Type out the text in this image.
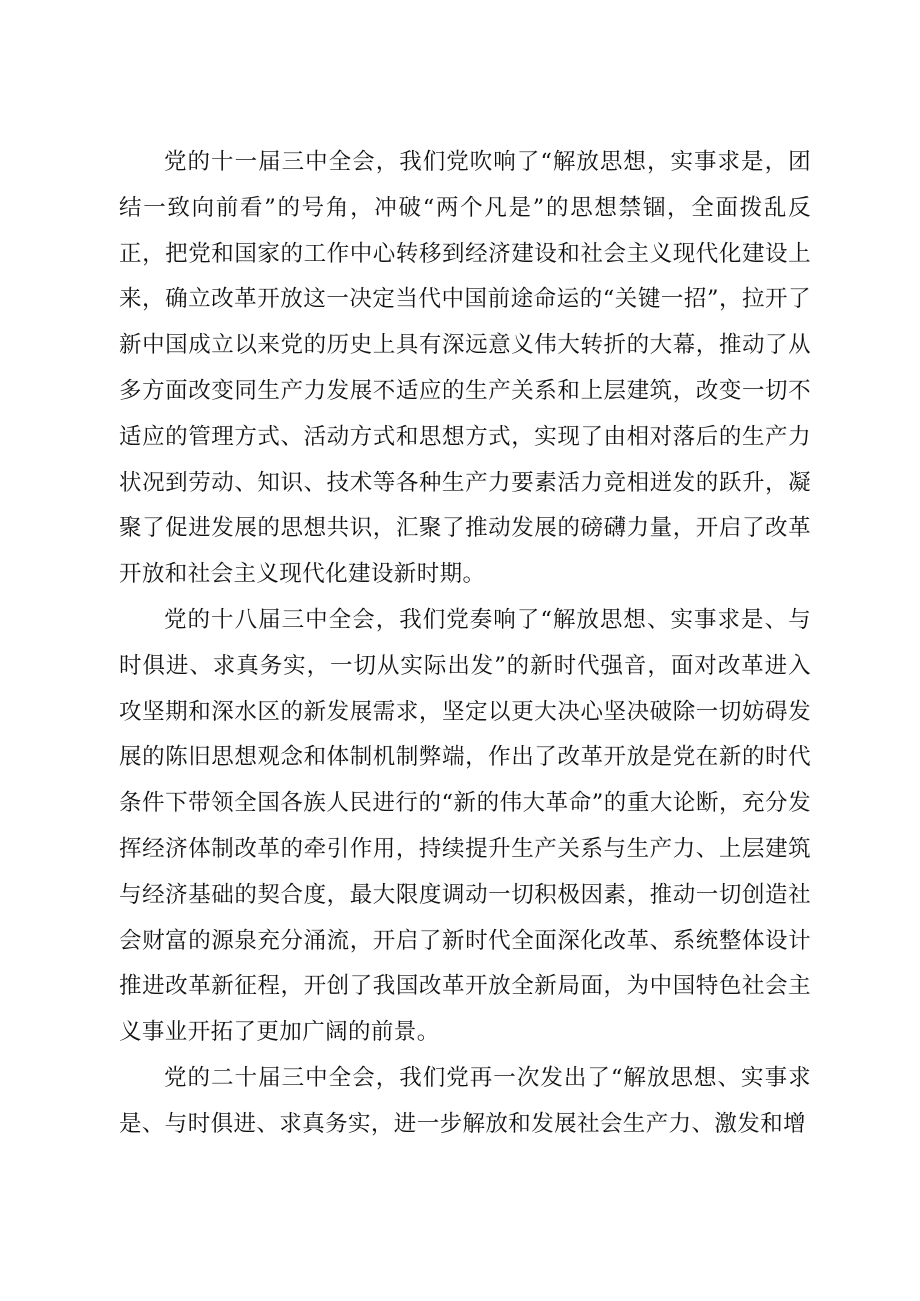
党的十一届三中全会，我们党吹响了“解放思想，实事求是，团结一致向前看”的号角，冲破“两个凡是”的思想禁锢，全面拨乱反正，把党和国家的工作中心转移到经济建设和社会主义现代化建设上来，确立改革开放这一决定当代中国前途命运的“关键一招”，拉开了新中国成立以来党的历史上具有深远意义伟大转折的大幕，推动了从多方面改变同生产力发展不适应的生产关系和上层建筑，改变一切不适应的管理方式、活动方式和思想方式，实现了由相对落后的生产力状况到劳动、知识、技术等各种生产力要素活力竞相迸发的跃升，凝聚了促进发展的思想共识，汇聚了推动发展的磅礴力量，开启了改革开放和社会主义现代化建设新时期。

党的十八届三中全会，我们党奏响了“解放思想、实事求是、与时俱进、求真务实，一切从实际出发”的新时代强音，面对改革进入攻坚期和深水区的新发展需求，坚定以更大决心坚决破除一切妨碍发展的陈旧思想观念和体制机制弊端，作出了改革开放是党在新的时代条件下带领全国各族人民进行的“新的伟大革命”的重大论断，充分发挥经济体制改革的牵引作用，持续提升生产关系与生产力、上层建筑与经济基础的契合度，最大限度调动一切积极因素，推动一切创造社会财富的源泉充分涌流，开启了新时代全面深化改革、系统整体设计推进改革新征程，开创了我国改革开放全新局面，为中国特色社会主义事业开拓了更加广阔的前景。

党的二十届三中全会，我们党再一次发出了“解放思想、实事求是、与时俱进、求真务实，进一步解放和发展社会生产力、激发和增
